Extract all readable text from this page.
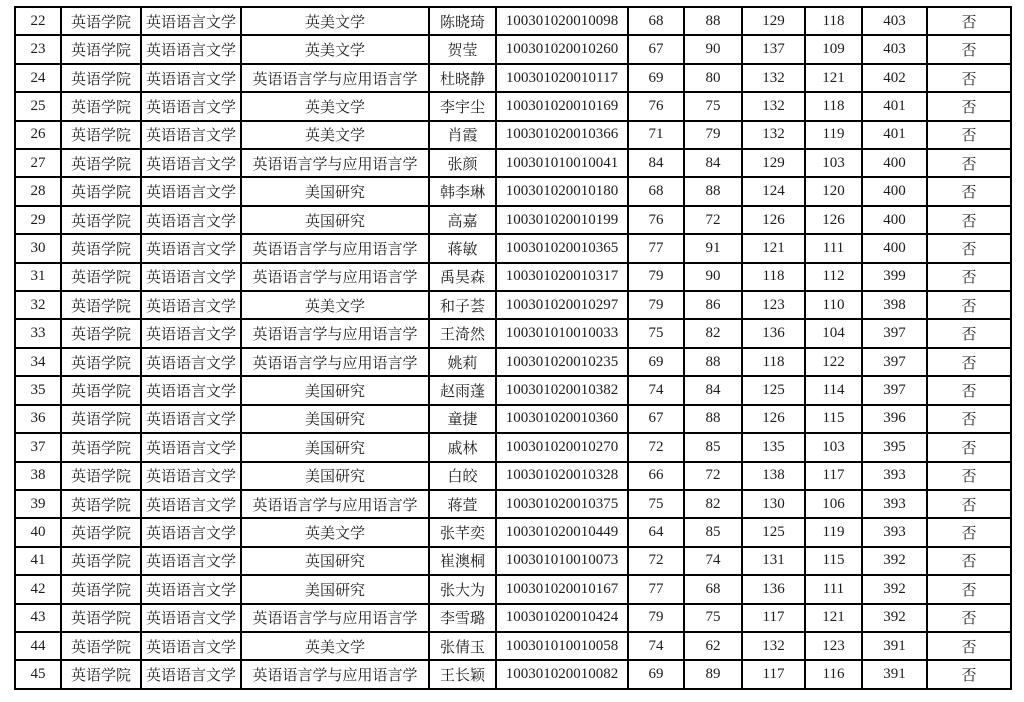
22	英语学院	英语语言文学	英美文学	陈晓琦	100301020010098	68	88	129	118	403	否
23	英语学院	英语语言文学	英美文学	贺莹	100301020010260	67	90	137	109	403	否
24	英语学院	英语语言文学	英语语言学与应用语言学	杜晓静	100301020010117	69	80	132	121	402	否
25	英语学院	英语语言文学	英美文学	李宇尘	100301020010169	76	75	132	118	401	否
26	英语学院	英语语言文学	英美文学	肖霞	100301020010366	71	79	132	119	401	否
27	英语学院	英语语言文学	英语语言学与应用语言学	张颜	100301010010041	84	84	129	103	400	否
28	英语学院	英语语言文学	美国研究	韩李琳	100301020010180	68	88	124	120	400	否
29	英语学院	英语语言文学	英国研究	高嘉	100301020010199	76	72	126	126	400	否
30	英语学院	英语语言文学	英语语言学与应用语言学	蒋敏	100301020010365	77	91	121	111	400	否
31	英语学院	英语语言文学	英语语言学与应用语言学	禹昊森	100301020010317	79	90	118	112	399	否
32	英语学院	英语语言文学	英美文学	和子荟	100301020010297	79	86	123	110	398	否
33	英语学院	英语语言文学	英语语言学与应用语言学	王渏然	100301010010033	75	82	136	104	397	否
34	英语学院	英语语言文学	英语语言学与应用语言学	姚莉	100301020010235	69	88	118	122	397	否
35	英语学院	英语语言文学	美国研究	赵雨蓬	100301020010382	74	84	125	114	397	否
36	英语学院	英语语言文学	美国研究	童捷	100301020010360	67	88	126	115	396	否
37	英语学院	英语语言文学	美国研究	戚林	100301020010270	72	85	135	103	395	否
38	英语学院	英语语言文学	美国研究	白皎	100301020010328	66	72	138	117	393	否
39	英语学院	英语语言文学	英语语言学与应用语言学	蒋萱	100301020010375	75	82	130	106	393	否
40	英语学院	英语语言文学	英美文学	张芊奕	100301020010449	64	85	125	119	393	否
41	英语学院	英语语言文学	英国研究	崔澳桐	100301010010073	72	74	131	115	392	否
42	英语学院	英语语言文学	美国研究	张大为	100301020010167	77	68	136	111	392	否
43	英语学院	英语语言文学	英语语言学与应用语言学	李雪璐	100301020010424	79	75	117	121	392	否
44	英语学院	英语语言文学	英美文学	张倩玉	100301010010058	74	62	132	123	391	否
45	英语学院	英语语言文学	英语语言学与应用语言学	王长颖	100301020010082	69	89	117	116	391	否
